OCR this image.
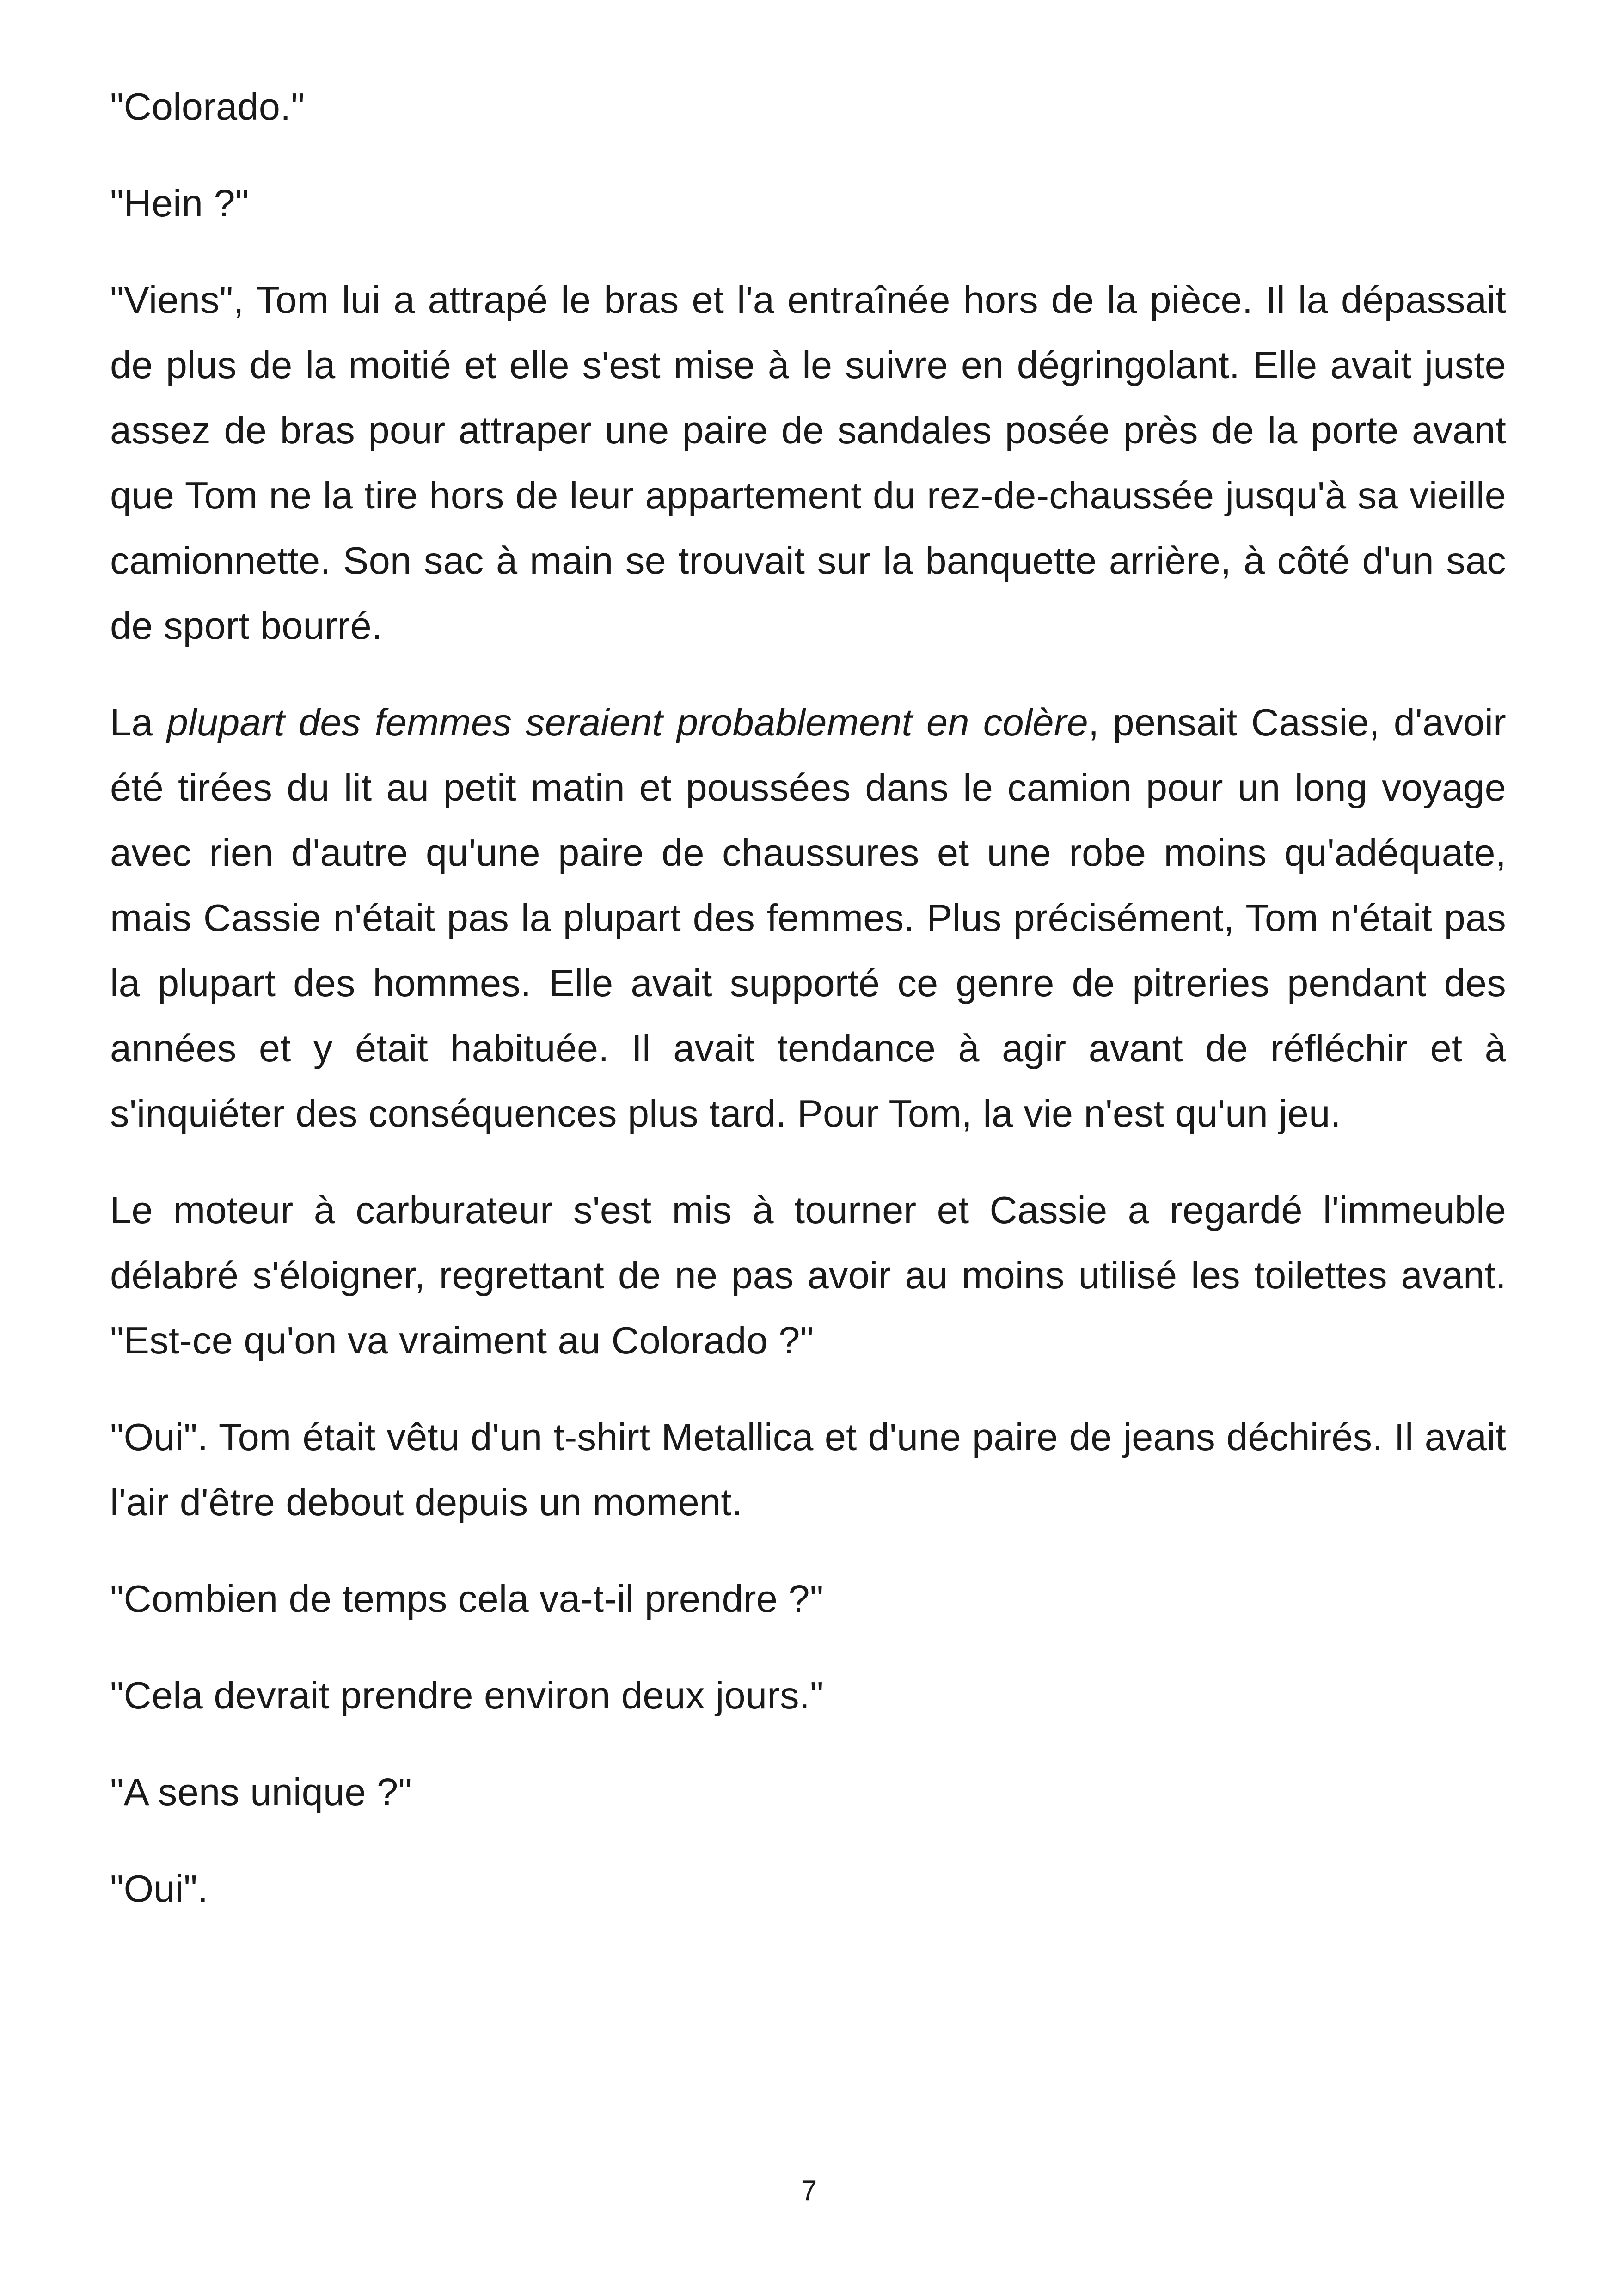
"Colorado."

"Hein ?"

"Viens", Tom lui a attrapé le bras et l'a entraînée hors de la pièce. Il la dépassait de plus de la moitié et elle s'est mise à le suivre en dégringolant. Elle avait juste assez de bras pour attraper une paire de sandales posée près de la porte avant que Tom ne la tire hors de leur appartement du rez-de-chaussée jusqu'à sa vieille camionnette. Son sac à main se trouvait sur la banquette arrière, à côté d'un sac de sport bourré.

La plupart des femmes seraient probablement en colère, pensait Cassie, d'avoir été tirées du lit au petit matin et poussées dans le camion pour un long voyage avec rien d'autre qu'une paire de chaussures et une robe moins qu'adéquate, mais Cassie n'était pas la plupart des femmes. Plus précisément, Tom n'était pas la plupart des hommes. Elle avait supporté ce genre de pitreries pendant des années et y était habituée. Il avait tendance à agir avant de réfléchir et à s'inquiéter des conséquences plus tard. Pour Tom, la vie n'est qu'un jeu.

Le moteur à carburateur s'est mis à tourner et Cassie a regardé l'immeuble délabré s'éloigner, regrettant de ne pas avoir au moins utilisé les toilettes avant. "Est-ce qu'on va vraiment au Colorado ?"

"Oui". Tom était vêtu d'un t-shirt Metallica et d'une paire de jeans déchirés. Il avait l'air d'être debout depuis un moment.

"Combien de temps cela va-t-il prendre ?"

"Cela devrait prendre environ deux jours."

"A sens unique ?"

"Oui".

7
